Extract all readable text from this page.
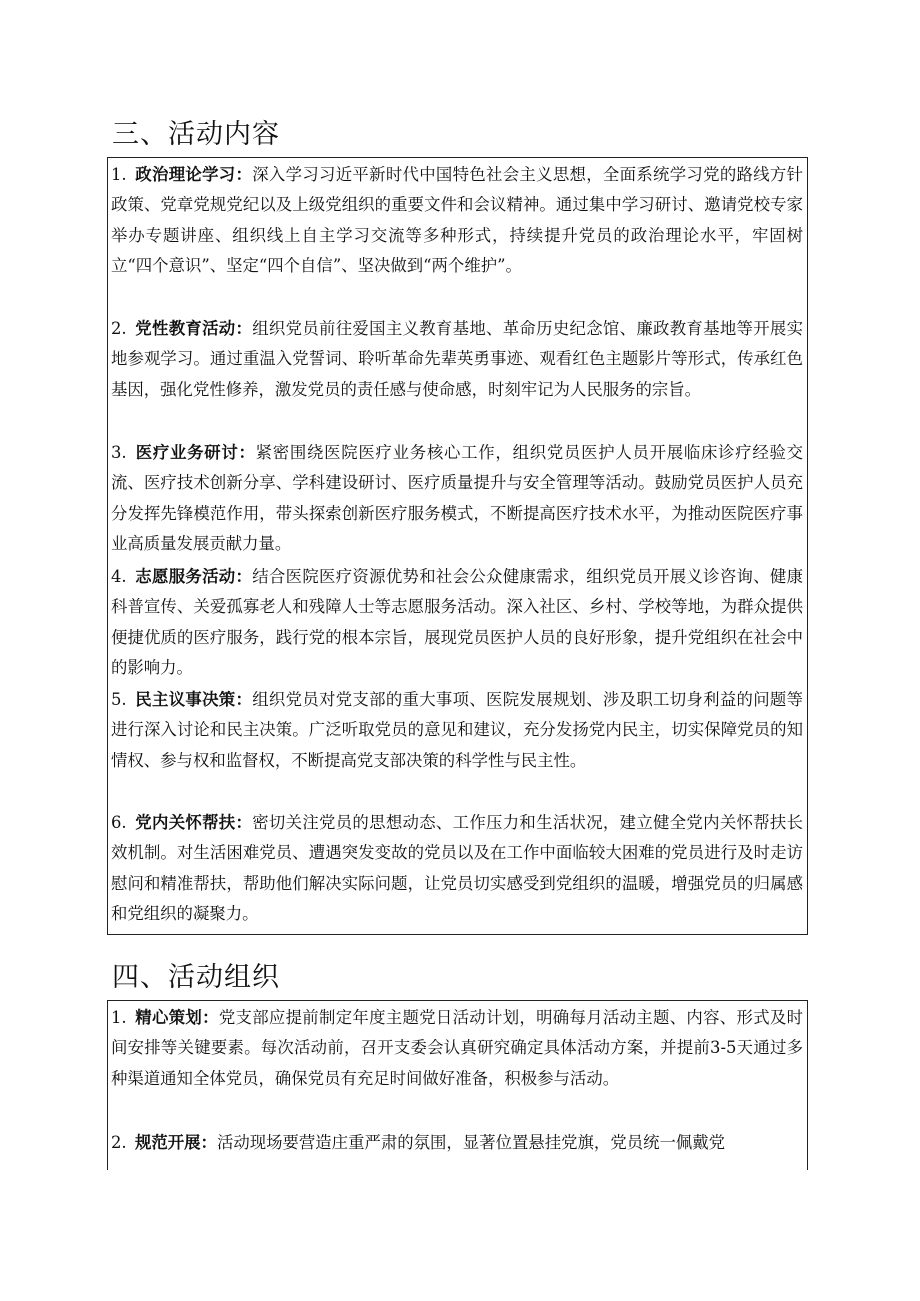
三、活动内容

1. 政治理论学习：深入学习习近平新时代中国特色社会主义思想，全面系统学习党的路线方针政策、党章党规党纪以及上级党组织的重要文件和会议精神。通过集中学习研讨、邀请党校专家举办专题讲座、组织线上自主学习交流等多种形式，持续提升党员的政治理论水平，牢固树立“四个意识”、坚定“四个自信”、坚决做到“两个维护”。

2. 党性教育活动：组织党员前往爱国主义教育基地、革命历史纪念馆、廉政教育基地等开展实地参观学习。通过重温入党誓词、聆听革命先辈英勇事迹、观看红色主题影片等形式，传承红色基因，强化党性修养，激发党员的责任感与使命感，时刻牢记为人民服务的宗旨。

3. 医疗业务研讨：紧密围绕医院医疗业务核心工作，组织党员医护人员开展临床诊疗经验交流、医疗技术创新分享、学科建设研讨、医疗质量提升与安全管理等活动。鼓励党员医护人员充分发挥先锋模范作用，带头探索创新医疗服务模式，不断提高医疗技术水平，为推动医院医疗事业高质量发展贡献力量。

4. 志愿服务活动：结合医院医疗资源优势和社会公众健康需求，组织党员开展义诊咨询、健康科普宣传、关爱孤寡老人和残障人士等志愿服务活动。深入社区、乡村、学校等地，为群众提供便捷优质的医疗服务，践行党的根本宗旨，展现党员医护人员的良好形象，提升党组织在社会中的影响力。

5. 民主议事决策：组织党员对党支部的重大事项、医院发展规划、涉及职工切身利益的问题等进行深入讨论和民主决策。广泛听取党员的意见和建议，充分发扬党内民主，切实保障党员的知情权、参与权和监督权，不断提高党支部决策的科学性与民主性。

6. 党内关怀帮扶：密切关注党员的思想动态、工作压力和生活状况，建立健全党内关怀帮扶长效机制。对生活困难党员、遭遇突发变故的党员以及在工作中面临较大困难的党员进行及时走访慰问和精准帮扶，帮助他们解决实际问题，让党员切实感受到党组织的温暖，增强党员的归属感和党组织的凝聚力。

四、活动组织

1. 精心策划：党支部应提前制定年度主题党日活动计划，明确每月活动主题、内容、形式及时间安排等关键要素。每次活动前，召开支委会认真研究确定具体活动方案，并提前3-5天通过多种渠道通知全体党员，确保党员有充足时间做好准备，积极参与活动。

2. 规范开展：活动现场要营造庄重严肃的氛围，显著位置悬挂党旗，党员统一佩戴党
